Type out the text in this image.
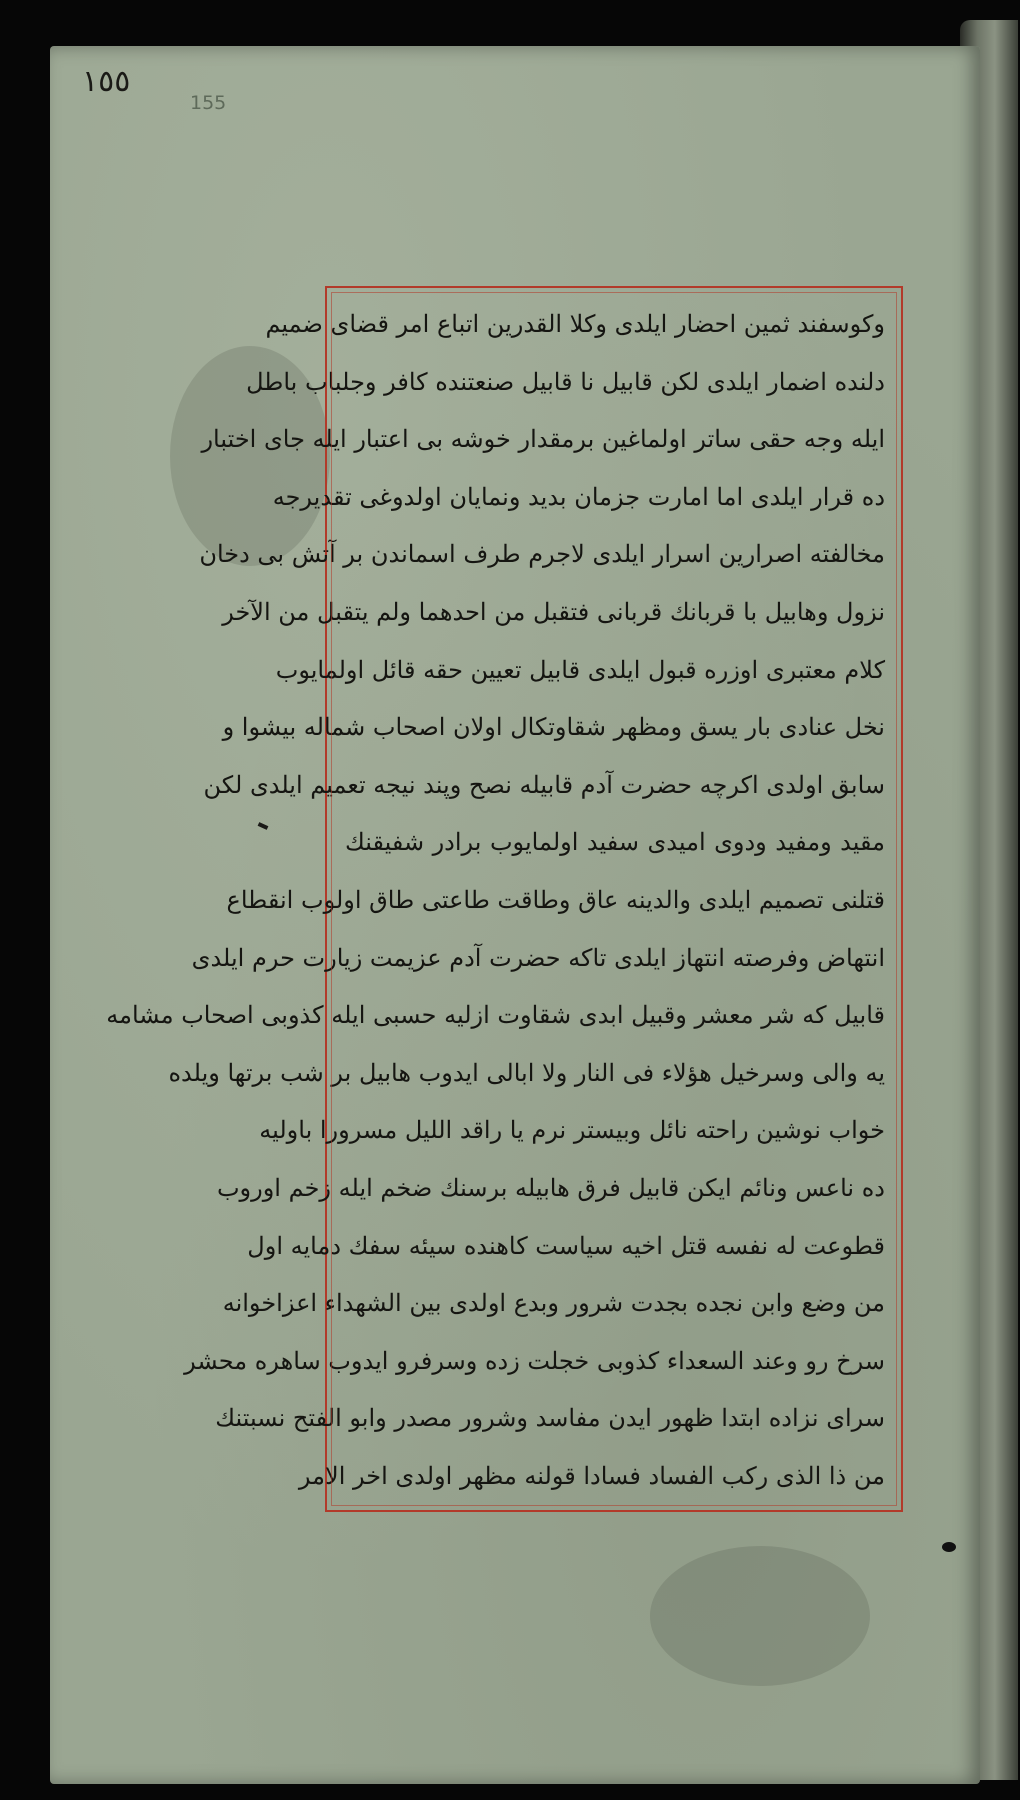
١٥٥
155
وكوسفند ثمين احضار ايلدى وكلا القدرين اتباع امر قضاى ضميم
دلنده اضمار ايلدى لكن قابيل نا قابيل صنعتنده كافر وجلباب باطل
ايله وجه حقى ساتر اولماغين برمقدار خوشه بى اعتبار ايله جاى اختبار
ده قرار ايلدى اما امارت جزمان بديد ونمايان اولدوغى تقديرجه
مخالفته اصرارين اسرار ايلدى لاجرم طرف اسماندن بر آتش بى دخان
نزول وهابيل با قربانك قربانى فتقبل من احدهما ولم يتقبل من الآخر
كلام معتبرى اوزره قبول ايلدى قابيل تعيين حقه قائل اولمايوب
نخل عنادى بار يسق ومظهر شقاوتكال اولان اصحاب شماله بيشوا و
سابق اولدى اكرچه حضرت آدم قابيله نصح وپند نيجه تعميم ايلدى لكن
مقيد ومفيد ودوى اميدى سفيد اولمايوب برادر شفيقنك
قتلنى تصميم ايلدى والدينه عاق وطاقت طاعتى طاق اولوب انقطاع
انتهاض وفرصته انتهاز ايلدى تاكه حضرت آدم عزيمت زيارت حرم ايلدى
قابيل كه شر معشر وقبيل ابدى شقاوت ازليه حسبى ايله كذوبى اصحاب مشامه
يه والى وسرخيل هؤلاء فى النار ولا ابالى ايدوب هابيل بر شب برتها ويلده
خواب نوشين راحته نائل وبيستر نرم يا راقد الليل مسرورا باوليه
ده ناعس ونائم ايكن قابيل فرق هابيله برسنك ضخم ايله زخم اوروب
قطوعت له نفسه قتل اخيه سياست كاهنده سيئه سفك دمايه اول
من وضع وابن نجده بجدت شرور وبدع اولدى بين الشهداء اعزاخوانه
سرخ رو وعند السعداء كذوبى خجلت زده وسرفرو ايدوب ساهره محشر
سراى نزاده ابتدا ظهور ايدن مفاسد وشرور مصدر وابو الفتح نسبتنك
من ذا الذى ركب الفساد فسادا قولنه مظهر اولدى اخر الامر
